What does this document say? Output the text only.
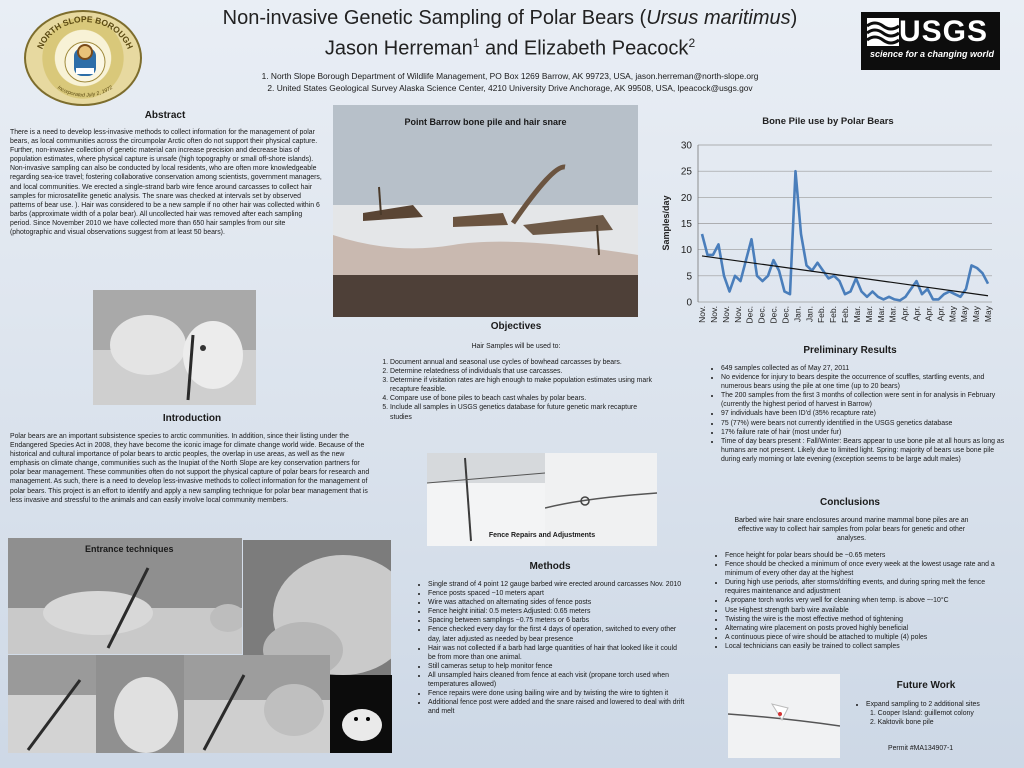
Non-invasive Genetic Sampling of Polar Bears (Ursus maritimus)
Jason Herreman$^1$ and Elizabeth Peacock$^2$
1. North Slope Borough Department of Wildlife Management, PO Box 1269 Barrow, AK 99723, USA, jason.herreman@north-slope.org
2. United States Geological Survey Alaska Science Center, 4210 University Drive Anchorage, AK 99508, USA, lpeacock@usgs.gov
NORTH SLOPE BOROUGH
Incorporated July 2, 1972
USGS
science for a changing world
Abstract
There is a need to develop less-invasive methods to collect information for the management of polar bears, as local communities across the circumpolar Arctic often do not support their physical capture. Further, non-invasive collection of genetic material can increase precision and decrease bias of population estimates, where physical capture is unsafe (high topography or small off-shore islands). Non-invasive sampling can also be conducted by local residents, who are often more knowledgeable regarding sea-ice travel; fostering collaborative conservation among scientists, government managers, and local communities. We erected a single-strand barb wire fence around carcasses to collect hair samples for microsatellite genetic analysis. The snare was checked at intervals set by observed patterns of bear use. ). Hair was considered to be a new sample if no other hair was collected within 6 barbs (approximate width of a polar bear). All uncollected hair was removed after each sampling period. Since November 2010 we have collected more than 650 hair samples from our site (photographic and visual observations suggest from at least 50 bears).
Introduction
Polar bears are an important subsistence species to arctic communities. In addition, since their listing under the Endangered Species Act in 2008, they have become the iconic image for climate change world wide. Because of the historical and cultural importance of polar bears to arctic peoples, the overlap in use areas, as well as the new emphasis on climate change, communities such as the Inupiat of the North Slope are key conservation partners for polar bear management. These communities often do not support the physical capture of polar bears for research and management. As such, there is a need to develop less-invasive methods to collect information for the management of polar bears. This project is an effort to identify and apply a new sampling technique for polar bear management that is less invasive and stressful to the animals and can easily involve local community members.
Entrance techniques
Point Barrow bone pile and hair snare
Objectives
Hair Samples will be used to:
1. Document annual and seasonal use cycles of bowhead carcasses by bears.
2. Determine relatedness of individuals that use carcasses.
3. Determine if visitation rates are high enough to make population estimates using mark recapture feasible.
4. Compare use of bone piles to beach cast whales by polar bears.
5. Include all samples in USGS genetics database for future genetic mark recapture studies
Fence Repairs and Adjustments
Methods
• Single strand of 4 point 12 gauge barbed wire erected around carcasses Nov. 2010
• Fence posts spaced ~10 meters apart
• Wire was attached on alternating sides of fence posts
• Fence height initial: 0.5 meters Adjusted: 0.65 meters
• Spacing between samplings ~0.75 meters or 6 barbs
• Fence checked every day for the first 4 days of operation, switched to every other day, later adjusted as needed by bear presence
• Hair was not collected if a barb had large quantities of hair that looked like it could be from more than one animal.
• Still cameras setup to help monitor fence
• All unsampled hairs cleaned from fence at each visit (propane torch used when temperatures allowed)
• Fence repairs were done using bailing wire and by twisting the wire to tighten it
• Additional fence post were added and the snare raised and lowered to deal with drift and melt
Bone Pile use by Polar Bears
Samples/day
0
5
10
15
20
25
30
Nov. Nov. Nov. Nov. Dec. Dec. Dec. Dec. Jan. Jan. Feb. Feb. Feb. Mar. Mar. Mar. Mar. Apr. Apr. Apr. Apr. May May May May
Preliminary Results
• 649 samples collected as of May 27, 2011
• No evidence for injury to bears despite the occurrence of scuffles, startling events, and numerous bears using the pile at one time (up to 20 bears)
• The 200 samples from the first 3 months of collection were sent in for analysis in February (currently the highest period of harvest in Barrow)
• 97 individuals have been ID'd (35% recapture rate)
• 75 (77%) were bears not currently identified in the USGS genetics database
• 17% failure rate of hair (most under fur)
• Time of day bears present : Fall/Winter: Bears appear to use bone pile at all hours as long as humans are not present. Likely due to limited light. Spring: majority of bears use bone pile during early morning or late evening (exception seems to be large adult males)
Conclusions
Barbed wire hair snare enclosures around marine mammal bone piles are an effective way to collect hair samples from polar bears for genetic and other analyses.
• Fence height for polar bears should be ~0.65 meters
• Fence should be checked a minimum of once every week at the lowest usage rate and a minimum of every other day at the highest
• During high use periods, after storms/drifting events, and during spring melt the fence requires maintenance and adjustment
• A propane torch works very well for cleaning when temp. is above ~-10°C
• Use Highest strength barb wire available
• Twisting the wire is the most effective method of tightening
• Alternating wire placement on posts proved highly beneficial
• A continuous piece of wire should be attached to multiple (4) poles
• Local technicians can easily be trained to collect samples
Future Work
• Expand sampling to 2 additional sites
1. Cooper Island: guillemot colony
2. Kaktovik bone pile
Permit #MA134907-1
